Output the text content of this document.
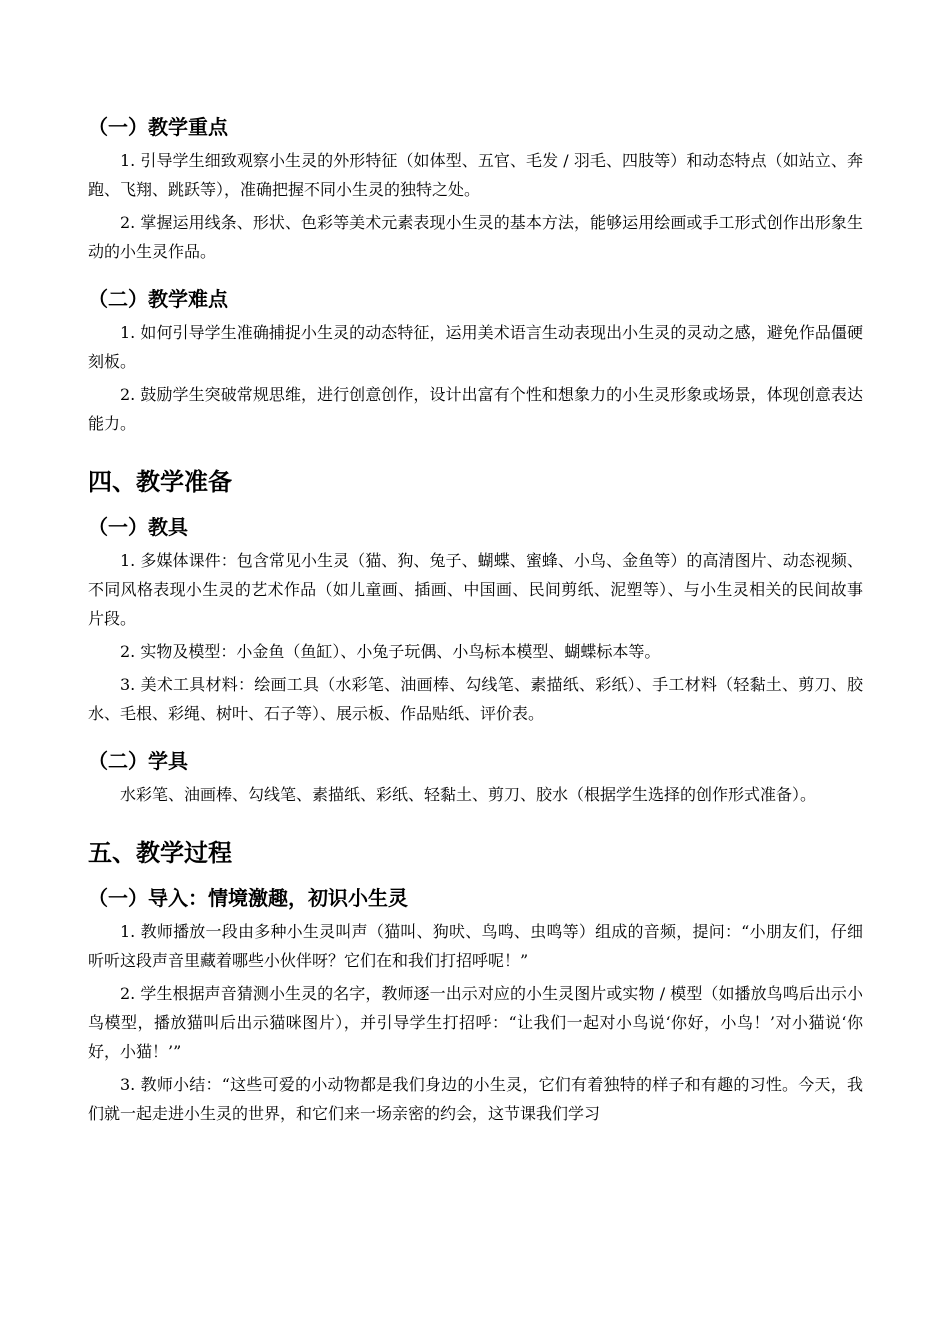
（一）教学重点
1. 引导学生细致观察小生灵的外形特征（如体型、五官、毛发 / 羽毛、四肢等）和动态特点（如站立、奔跑、飞翔、跳跃等），准确把握不同小生灵的独特之处。
2. 掌握运用线条、形状、色彩等美术元素表现小生灵的基本方法，能够运用绘画或手工形式创作出形象生动的小生灵作品。
（二）教学难点
1. 如何引导学生准确捕捉小生灵的动态特征，运用美术语言生动表现出小生灵的灵动之感，避免作品僵硬刻板。
2. 鼓励学生突破常规思维，进行创意创作，设计出富有个性和想象力的小生灵形象或场景，体现创意表达能力。
四、教学准备
（一）教具
1. 多媒体课件：包含常见小生灵（猫、狗、兔子、蝴蝶、蜜蜂、小鸟、金鱼等）的高清图片、动态视频、不同风格表现小生灵的艺术作品（如儿童画、插画、中国画、民间剪纸、泥塑等）、与小生灵相关的民间故事片段。
2. 实物及模型：小金鱼（鱼缸）、小兔子玩偶、小鸟标本模型、蝴蝶标本等。
3. 美术工具材料：绘画工具（水彩笔、油画棒、勾线笔、素描纸、彩纸）、手工材料（轻黏土、剪刀、胶水、毛根、彩绳、树叶、石子等）、展示板、作品贴纸、评价表。
（二）学具
水彩笔、油画棒、勾线笔、素描纸、彩纸、轻黏土、剪刀、胶水（根据学生选择的创作形式准备）。
五、教学过程
（一）导入：情境激趣，初识小生灵
1. 教师播放一段由多种小生灵叫声（猫叫、狗吠、鸟鸣、虫鸣等）组成的音频，提问：“小朋友们，仔细听听这段声音里藏着哪些小伙伴呀？它们在和我们打招呼呢！”
2. 学生根据声音猜测小生灵的名字，教师逐一出示对应的小生灵图片或实物 / 模型（如播放鸟鸣后出示小鸟模型，播放猫叫后出示猫咪图片），并引导学生打招呼：“让我们一起对小鸟说‘你好，小鸟！’对小猫说‘你好，小猫！’”
3. 教师小结：“这些可爱的小动物都是我们身边的小生灵，它们有着独特的样子和有趣的习性。今天，我们就一起走进小生灵的世界，和它们来一场亲密的约会，这节课我们学习
